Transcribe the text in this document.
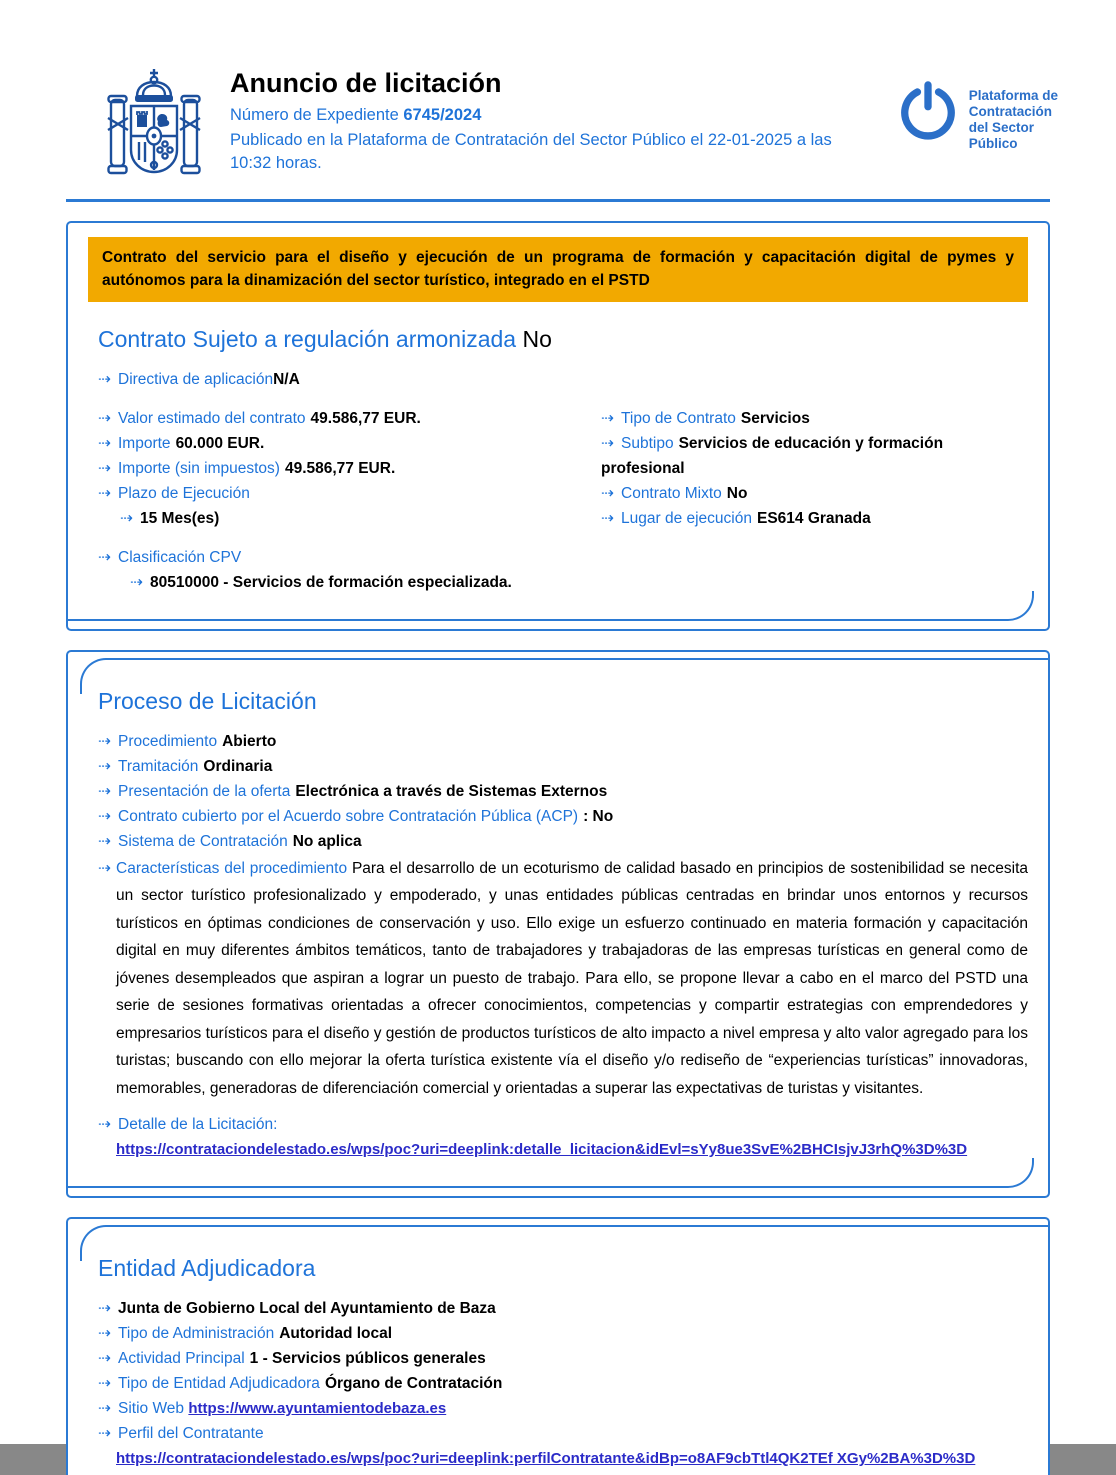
Anuncio de licitación
Número de Expediente 6745/2024
Publicado en la Plataforma de Contratación del Sector Público el 22-01-2025 a las 10:32 horas.
Plataforma de
Contratación
del Sector
Público
Contrato del servicio para el diseño y ejecución de un programa de formación y capacitación digital de pymes y autónomos para la dinamización del sector turístico, integrado en el PSTD
Contrato Sujeto a regulación armonizada No
⇢ Directiva de aplicaciónN/A
⇢ Valor estimado del contrato 49.586,77 EUR.
⇢ Importe 60.000 EUR.
⇢ Importe (sin impuestos) 49.586,77 EUR.
⇢ Plazo de Ejecución
⇢ 15 Mes(es)
⇢ Tipo de Contrato Servicios
⇢ Subtipo Servicios de educación y formación profesional
⇢ Contrato Mixto No
⇢ Lugar de ejecución ES614 Granada
⇢ Clasificación CPV
⇢ 80510000 - Servicios de formación especializada.
Proceso de Licitación
⇢ Procedimiento Abierto
⇢ Tramitación Ordinaria
⇢ Presentación de la oferta Electrónica a través de Sistemas Externos
⇢ Contrato cubierto por el Acuerdo sobre Contratación Pública (ACP) : No
⇢ Sistema de Contratación No aplica
⇢ Características del procedimiento Para el desarrollo de un ecoturismo de calidad basado en principios de sostenibilidad se necesita un sector turístico profesionalizado y empoderado, y unas entidades públicas centradas en brindar unos entornos y recursos turísticos en óptimas condiciones de conservación y uso. Ello exige un esfuerzo continuado en materia formación y capacitación digital en muy diferentes ámbitos temáticos, tanto de trabajadores y trabajadoras de las empresas turísticas en general como de jóvenes desempleados que aspiran a lograr un puesto de trabajo. Para ello, se propone llevar a cabo en el marco del PSTD una serie de sesiones formativas orientadas a ofrecer conocimientos, competencias y compartir estrategias con emprendedores y empresarios turísticos para el diseño y gestión de productos turísticos de alto impacto a nivel empresa y alto valor agregado para los turistas; buscando con ello mejorar la oferta turística existente vía el diseño y/o rediseño de “experiencias turísticas” innovadoras, memorables, generadoras de diferenciación comercial y orientadas a superar las expectativas de turistas y visitantes.
⇢ Detalle de la Licitación:
https://contrataciondelestado.es/wps/poc?uri=deeplink:detalle_licitacion&idEvl=sYy8ue3SvE%2BHCIsjvJ3rhQ%3D%3D
Entidad Adjudicadora
⇢ Junta de Gobierno Local del Ayuntamiento de Baza
⇢ Tipo de Administración Autoridad local
⇢ Actividad Principal 1 - Servicios públicos generales
⇢ Tipo de Entidad Adjudicadora Órgano de Contratación
⇢ Sitio Web https://www.ayuntamientodebaza.es
⇢ Perfil del Contratante
https://contrataciondelestado.es/wps/poc?uri=deeplink:perfilContratante&idBp=o8AF9cbTtl4QK2TEf XGy%2BA%3D%3D
